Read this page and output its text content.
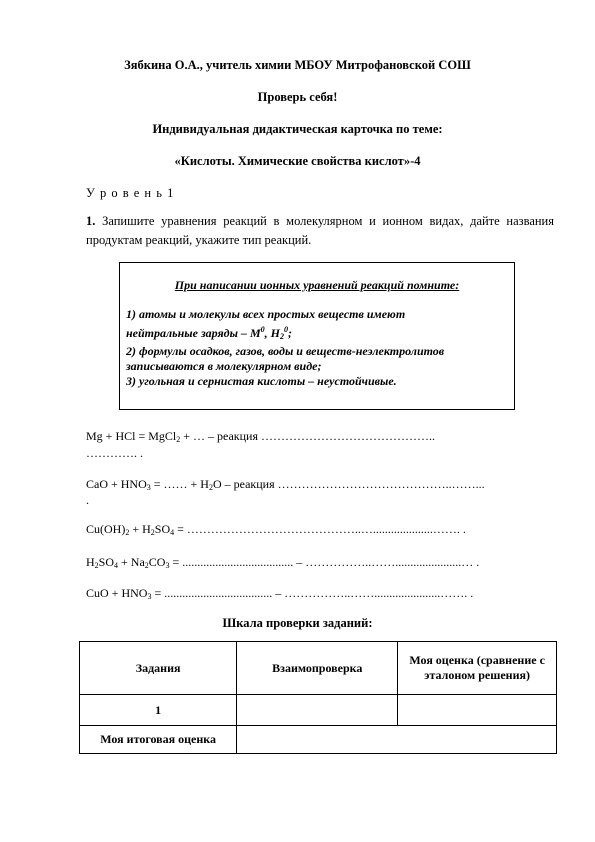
Зябкина О.А., учитель химии МБОУ Митрофановской СОШ
Проверь себя!
Индивидуальная дидактическая карточка по теме:
«Кислоты. Химические свойства кислот»-4
У р о в е н ь 1
1. Запишите уравнения реакций в молекулярном и ионном видах, дайте названия продуктам реакций, укажите тип реакций.
При написании ионных уравнений реакций помните:
1) атомы и молекулы всех простых веществ имеют
нейтральные заряды – $М^0$, $Н_2^0$;
2) формулы осадков, газов, воды и веществ-неэлектролитов
записываются в молекулярном виде;
3) угольная и сернистая кислоты – неустойчивые.
Mg + HCl = MgCl$_2$ + … – реакция ……………………………………..
…………. .
CaO + $HNO_3$ = …… + $H_2O$ – реакция ……………………………………..……...
.
$Cu(OH)_2 + H_2SO_4$ = ……………………………………..…....................……. .
$H_2SO_4 + Na_2CO_3$ = ..................................... – ……………..……......................… .
CuO + $HNO_3$ = .................................... – ……………..……......................……. .
Шкала проверки заданий:
Задания	Взаимопроверка	Моя оценка (сравнение с эталоном решения)
1		
Моя итоговая оценка		
